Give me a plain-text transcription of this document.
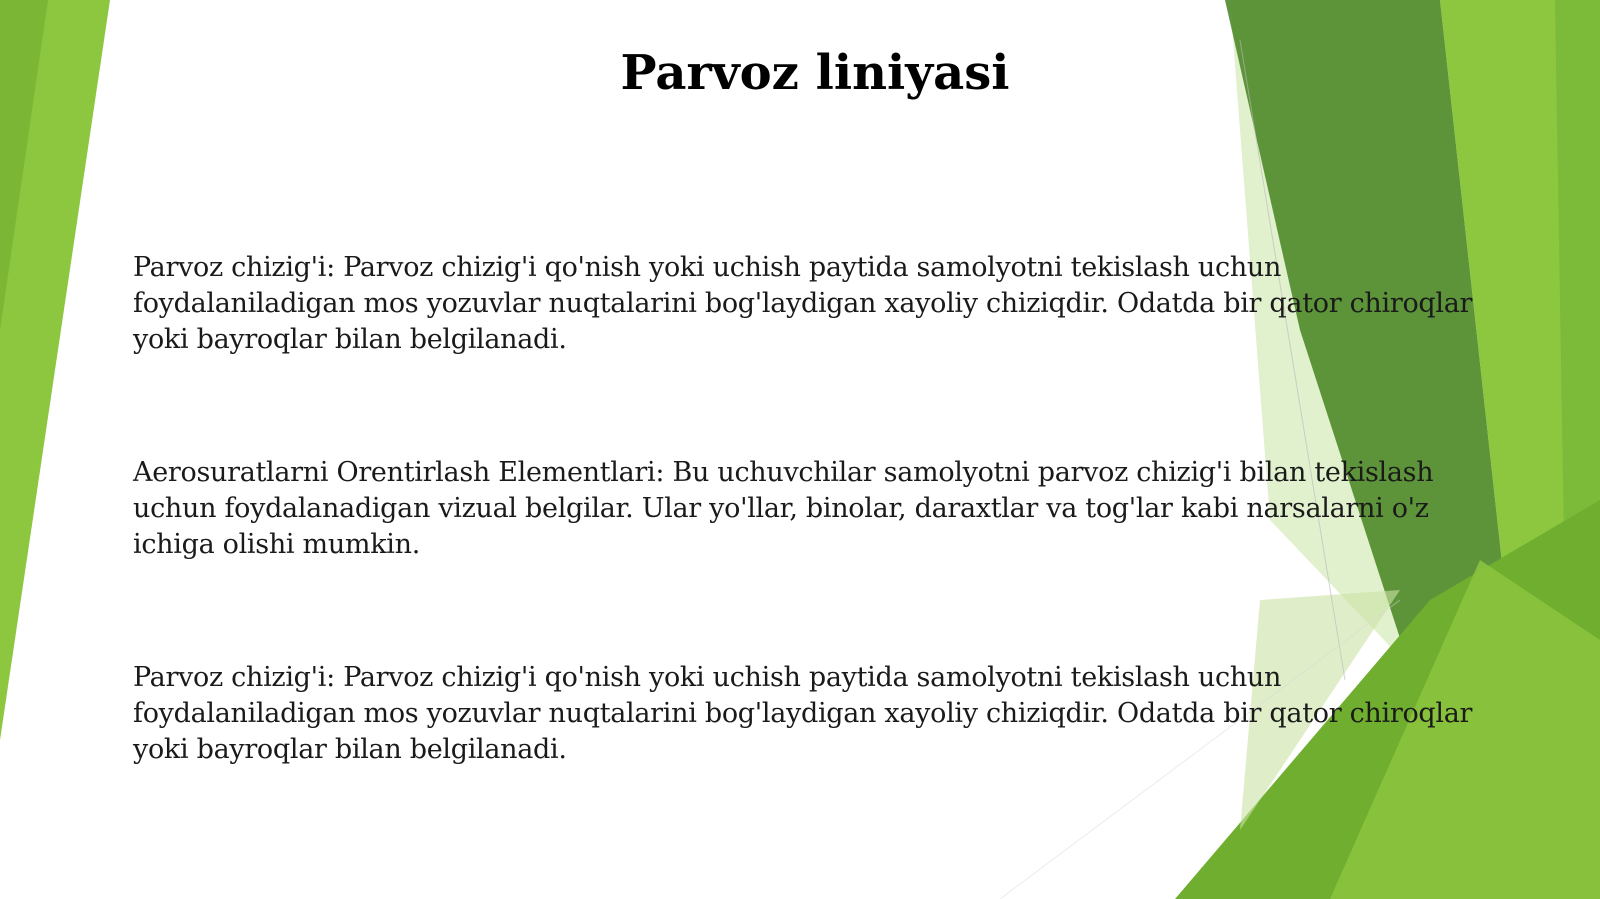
Parvoz liniyasi

Parvoz chizig'i: Parvoz chizig'i qo'nish yoki uchish paytida samolyotni tekislash uchun foydalaniladigan mos yozuvlar nuqtalarini bog'laydigan xayoliy chiziqdir. Odatda bir qator chiroqlar yoki bayroqlar bilan belgilanadi.

Aerosuratlarni Orentirlash Elementlari: Bu uchuvchilar samolyotni parvoz chizig'i bilan tekislash uchun foydalanadigan vizual belgilar. Ular yo'llar, binolar, daraxtlar va tog'lar kabi narsalarni o'z ichiga olishi mumkin.

Parvoz chizig'i: Parvoz chizig'i qo'nish yoki uchish paytida samolyotni tekislash uchun foydalaniladigan mos yozuvlar nuqtalarini bog'laydigan xayoliy chiziqdir. Odatda bir qator chiroqlar yoki bayroqlar bilan belgilanadi.
